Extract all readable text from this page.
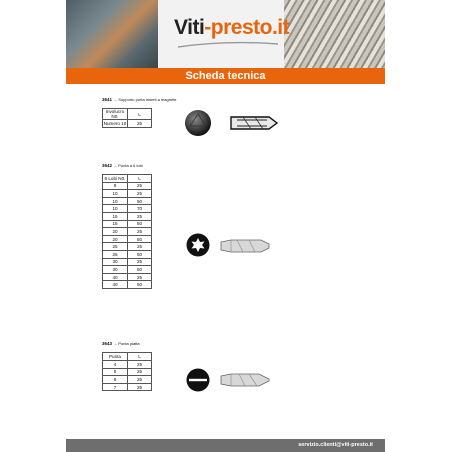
Viti-presto.it
Scheda tecnica
3641 → Supporto porta inserti a magnete
Involucro N0.	L
Numero 10	25
3642 → Punta a 6 lobi
6 Lobi N0.	L
8	25
10	25
10	50
10	70
15	25
15	50
20	25
20	50
25	25
25	50
30	25
30	50
40	25
40	50
3643 → Punta piatta
Punta	L
4	25
5	25
6	25
7	25
servizio.clienti@viti-presto.it
